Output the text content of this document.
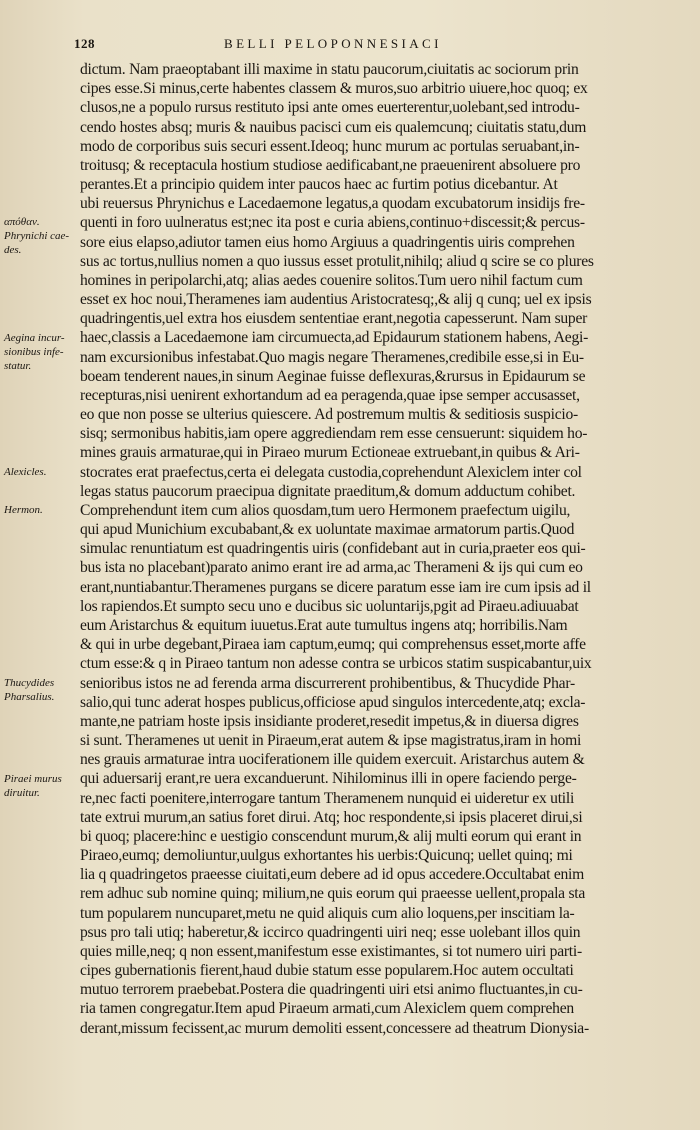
128	BELLI PELOPONNESIACI
απόθαν.
Phrynichi cae-
des.
Aegina incur-
sionibus infe-
statur.
Alexicles.
Hermon.
Thucydides
Pharsalius.
Piraei murus
diruitur.
dictum. Nam praeoptabant illi maxime in statu paucorum,ciuitatis ac sociorum prin
cipes esse.Si minus,certe habentes classem & muros,suo arbitrio uiuere,hoc quoq; ex
clusos,ne a populo rursus restituto ipsi ante omes euerterentur,uolebant,sed introdu-
cendo hostes absq; muris & nauibus pacisci cum eis qualemcunq; ciuitatis statu,dum
modo de corporibus suis securi essent.Ideoq; hunc murum ac portulas seruabant,in-
troitusq; & receptacula hostium studiose aedificabant,ne praeuenirent absoluere pro
perantes.Et a principio quidem inter paucos haec ac furtim potius dicebantur. At
ubi reuersus Phrynichus e Lacedaemone legatus,a quodam excubatorum insidijs fre-
quenti in foro uulneratus est;nec ita post e curia abiens,continuo+discessit;& percus-
sore eius elapso,adiutor tamen eius homo Argiuus a quadringentis uiris comprehen
sus ac tortus,nullius nomen a quo iussus esset protulit,nihilq; aliud q scire se co plures
homines in peripolarchi,atq; alias aedes couenire solitos.Tum uero nihil factum cum
esset ex hoc noui,Theramenes iam audentius Aristocratesq;,& alij q cunq; uel ex ipsis
quadringentis,uel extra hos eiusdem sententiae erant,negotia capesserunt. Nam super
haec,classis a Lacedaemone iam circumuecta,ad Epidaurum stationem habens, Aegi-
nam excursionibus infestabat.Quo magis negare Theramenes,credibile esse,si in Eu-
boeam tenderent naues,in sinum Aeginae fuisse deflexuras,&rursus in Epidaurum se
recepturas,nisi uenirent exhortandum ad ea peragenda,quae ipse semper accusasset,
eo que non posse se ulterius quiescere. Ad postremum multis & seditiosis suspicio-
sisq; sermonibus habitis,iam opere aggrediendam rem esse censuerunt: siquidem ho-
mines grauis armaturae,qui in Piraeo murum Ectioneae extruebant,in quibus & Ari-
stocrates erat praefectus,certa ei delegata custodia,coprehendunt Alexiclem inter col
legas status paucorum praecipua dignitate praeditum,& domum adductum cohibet.
Comprehendunt item cum alios quosdam,tum uero Hermonem praefectum uigilu,
qui apud Munichium excubabant,& ex uoluntate maximae armatorum partis.Quod
simulac renuntiatum est quadringentis uiris (confidebant aut in curia,praeter eos qui-
bus ista no placebant)parato animo erant ire ad arma,ac Therameni & ijs qui cum eo
erant,nuntiabantur.Theramenes purgans se dicere paratum esse iam ire cum ipsis ad il
los rapiendos.Et sumpto secu uno e ducibus sic uoluntarijs,pgit ad Piraeu.adiuuabat
eum Aristarchus & equitum iuuetus.Erat aute tumultus ingens atq; horribilis.Nam
& qui in urbe degebant,Piraea iam captum,eumq; qui comprehensus esset,morte affe
ctum esse:& q in Piraeo tantum non adesse contra se urbicos statim suspicabantur,uix
senioribus istos ne ad ferenda arma discurrerent prohibentibus, & Thucydide Phar-
salio,qui tunc aderat hospes publicus,officiose apud singulos intercedente,atq; excla-
mante,ne patriam hoste ipsis insidiante proderet,resedit impetus,& in diuersa digres
si sunt. Theramenes ut uenit in Piraeum,erat autem & ipse magistratus,iram in homi
nes grauis armaturae intra uociferationem ille quidem exercuit. Aristarchus autem &
qui aduersarij erant,re uera excanduerunt. Nihilominus illi in opere faciendo perge-
re,nec facti poenitere,interrogare tantum Theramenem nunquid ei uideretur ex utili
tate extrui murum,an satius foret dirui. Atq; hoc respondente,si ipsis placeret dirui,si
bi quoq; placere:hinc e uestigio conscendunt murum,& alij multi eorum qui erant in
Piraeo,eumq; demoliuntur,uulgus exhortantes his uerbis:Quicunq; uellet quinq; mi
lia q quadringetos praeesse ciuitati,eum debere ad id opus accedere.Occultabat enim
rem adhuc sub nomine quinq; milium,ne quis eorum qui praeesse uellent,propala sta
tum popularem nuncuparet,metu ne quid aliquis cum alio loquens,per inscitiam la-
psus pro tali utiq; haberetur,& iccirco quadringenti uiri neq; esse uolebant illos quin
quies mille,neq; q non essent,manifestum esse existimantes, si tot numero uiri parti-
cipes gubernationis fierent,haud dubie statum esse popularem.Hoc autem occultati
mutuo terrorem praebebat.Postera die quadringenti uiri etsi animo fluctuantes,in cu-
ria tamen congregatur.Item apud Piraeum armati,cum Alexiclem quem comprehen
derant,missum fecissent,ac murum demoliti essent,concessere ad theatrum Dionysia-
